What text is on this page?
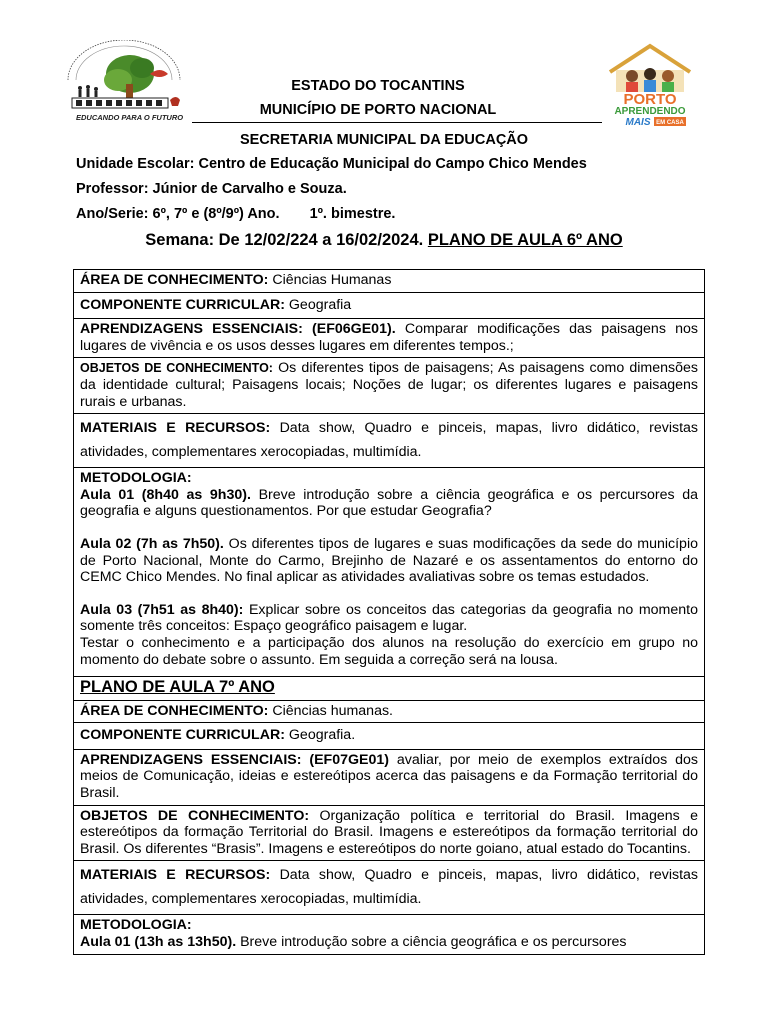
EDUCANDO PARA O FUTURO
PORTO
APRENDENDO
MAIS EM CASA
ESTADO DO TOCANTINS
MUNICÍPIO DE PORTO NACIONAL
SECRETARIA MUNICIPAL DA EDUCAÇÃO
Unidade Escolar: Centro de Educação Municipal do Campo Chico Mendes
Professor: Júnior de Carvalho e Souza.
Ano/Serie: 6º, 7º e (8º/9º) Ano. 1º. bimestre.
Semana: De 12/02/224 a 16/02/2024. PLANO DE AULA 6º ANO
ÁREA DE CONHECIMENTO: Ciências Humanas
COMPONENTE CURRICULAR: Geografia
APRENDIZAGENS ESSENCIAIS: (EF06GE01). Comparar modificações das paisagens nos lugares de vivência e os usos desses lugares em diferentes tempos.;
OBJETOS DE CONHECIMENTO: Os diferentes tipos de paisagens; As paisagens como dimensões da identidade cultural; Paisagens locais; Noções de lugar; os diferentes lugares e paisagens rurais e urbanas.
MATERIAIS E RECURSOS: Data show, Quadro e pinceis, mapas, livro didático, revistas atividades, complementares xerocopiadas, multimídia.

METODOLOGIA:
Aula 01 (8h40 as 9h30). Breve introdução sobre a ciência geográfica e os percursores da geografia e alguns questionamentos. Por que estudar Geografia?
Aula 02 (7h as 7h50). Os diferentes tipos de lugares e suas modificações da sede do município de Porto Nacional, Monte do Carmo, Brejinho de Nazaré e os assentamentos do entorno do CEMC Chico Mendes. No final aplicar as atividades avaliativas sobre os temas estudados.
Aula 03 (7h51 as 8h40): Explicar sobre os conceitos das categorias da geografia no momento somente três conceitos: Espaço geográfico paisagem e lugar.
Testar o conhecimento e a participação dos alunos na resolução do exercício em grupo no momento do debate sobre o assunto. Em seguida a correção será na lousa.

PLANO DE AULA 7º ANO
ÁREA DE CONHECIMENTO: Ciências humanas.
COMPONENTE CURRICULAR: Geografia.
APRENDIZAGENS ESSENCIAIS: (EF07GE01) avaliar, por meio de exemplos extraídos dos meios de Comunicação, ideias e estereótipos acerca das paisagens e da Formação territorial do Brasil.
OBJETOS DE CONHECIMENTO: Organização política e territorial do Brasil. Imagens e estereótipos da formação Territorial do Brasil. Imagens e estereótipos da formação territorial do Brasil. Os diferentes “Brasis”. Imagens e estereótipos do norte goiano, atual estado do Tocantins.
MATERIAIS E RECURSOS: Data show, Quadro e pinceis, mapas, livro didático, revistas atividades, complementares xerocopiadas, multimídia.

METODOLOGIA:
Aula 01 (13h as 13h50). Breve introdução sobre a ciência geográfica e os percursores
